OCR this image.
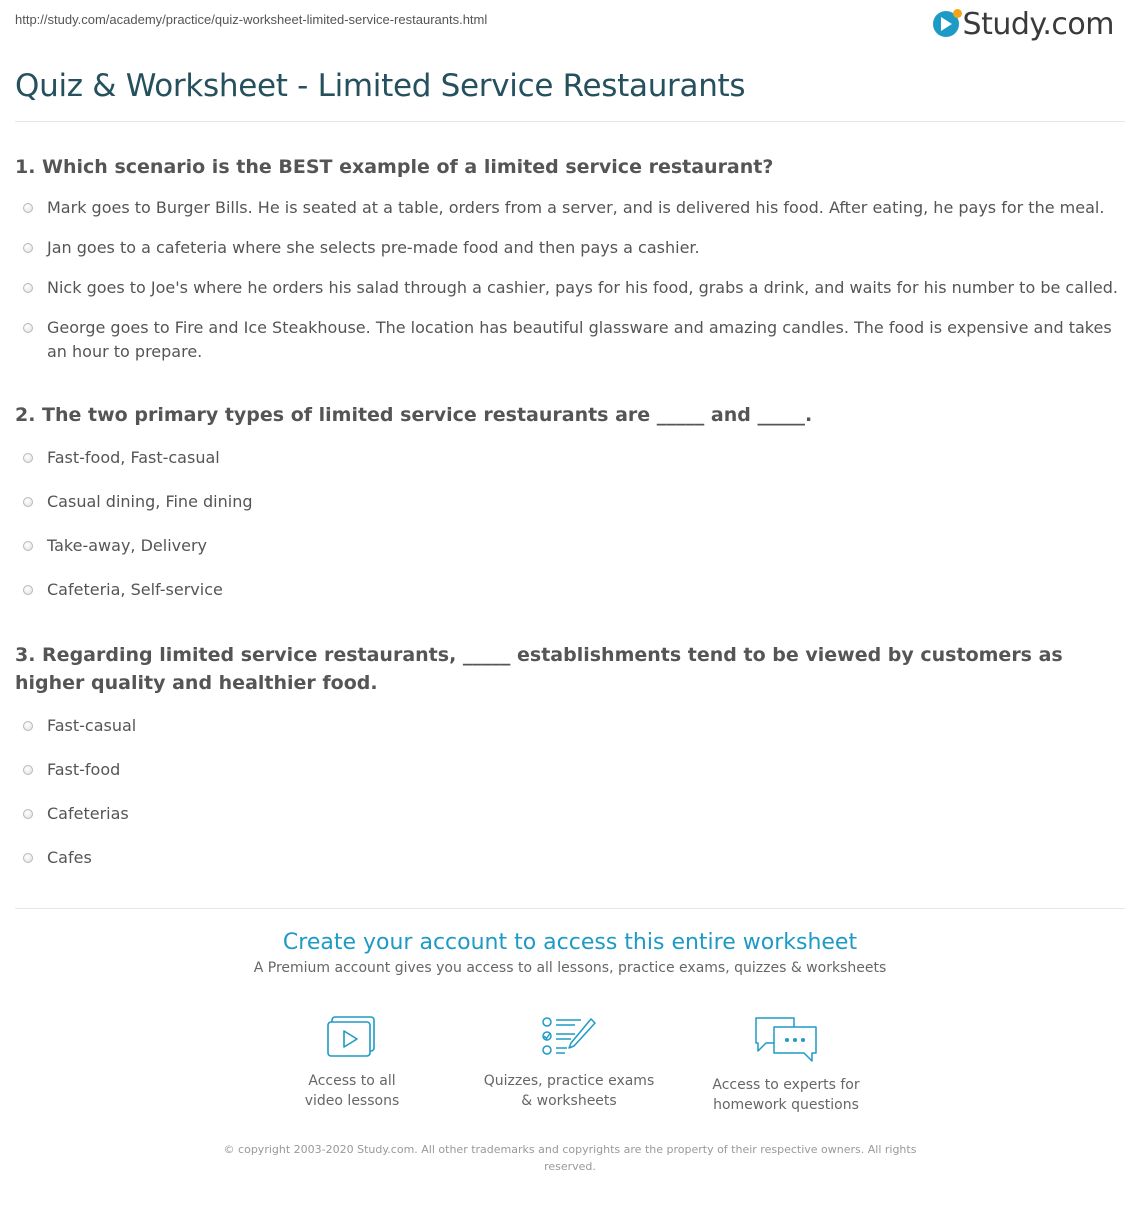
http://study.com/academy/practice/quiz-worksheet-limited-service-restaurants.html	Study.com
Quiz & Worksheet - Limited Service Restaurants
1. Which scenario is the BEST example of a limited service restaurant?
Mark goes to Burger Bills. He is seated at a table, orders from a server, and is delivered his food. After eating, he pays for the meal.
Jan goes to a cafeteria where she selects pre-made food and then pays a cashier.
Nick goes to Joe's where he orders his salad through a cashier, pays for his food, grabs a drink, and waits for his number to be called.
George goes to Fire and Ice Steakhouse. The location has beautiful glassware and amazing candles. The food is expensive and takes an hour to prepare.
2. The two primary types of limited service restaurants are _____ and _____.
Fast-food, Fast-casual
Casual dining, Fine dining
Take-away, Delivery
Cafeteria, Self-service
3. Regarding limited service restaurants, _____ establishments tend to be viewed by customers as higher quality and healthier food.
Fast-casual
Fast-food
Cafeterias
Cafes
Create your account to access this entire worksheet
A Premium account gives you access to all lessons, practice exams, quizzes & worksheets
Access to all
video lessons
Quizzes, practice exams
& worksheets
Access to experts for
homework questions
© copyright 2003-2020 Study.com. All other trademarks and copyrights are the property of their respective owners. All rights
reserved.
